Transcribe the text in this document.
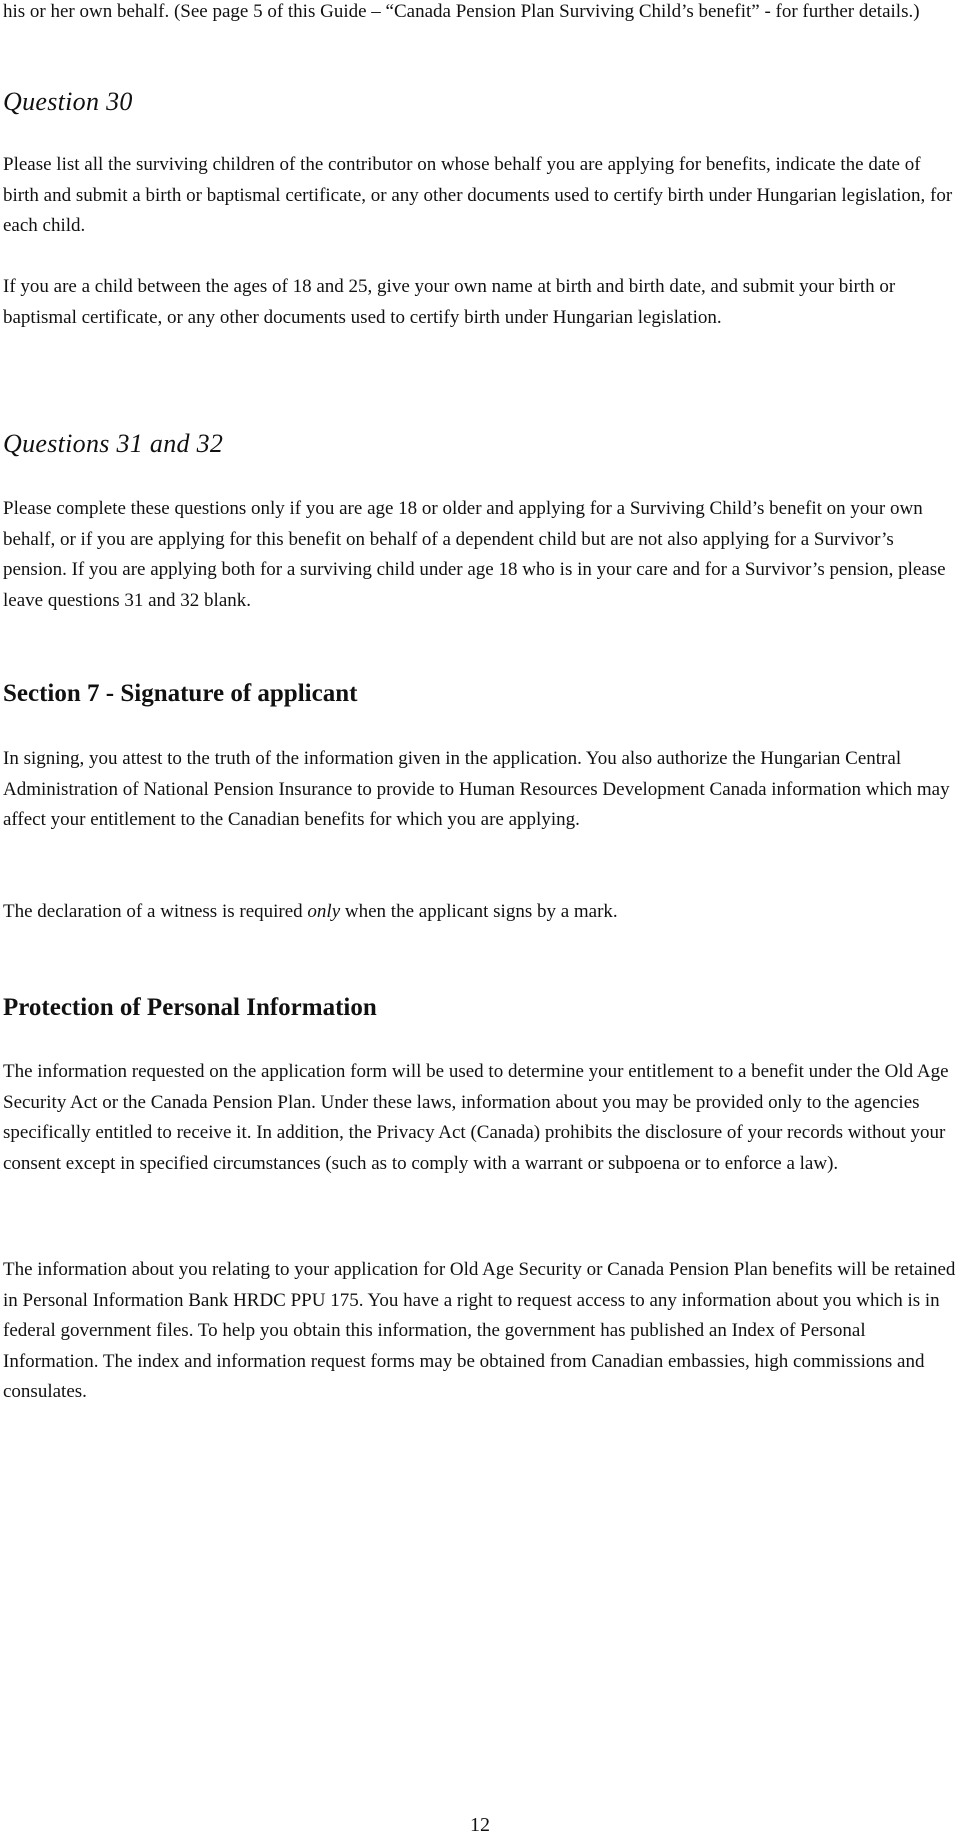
his or her own behalf. (See page 5 of this Guide – “Canada Pension Plan Surviving Child’s benefit” - for further details.)

Question 30

Please list all the surviving children of the contributor on whose behalf you are applying for benefits, indicate the date of birth and submit a birth or baptismal certificate, or any other documents used to certify birth under Hungarian legislation, for each child.

If you are a child between the ages of 18 and 25, give your own name at birth and birth date, and submit your birth or baptismal certificate, or any other documents used to certify birth under Hungarian legislation.

Questions 31 and 32

Please complete these questions only if you are age 18 or older and applying for a Surviving Child’s benefit on your own behalf, or if you are applying for this benefit on behalf of a dependent child but are not also applying for a Survivor’s pension. If you are applying both for a surviving child under age 18 who is in your care and for a Survivor’s pension, please leave questions 31 and 32 blank.

Section 7 - Signature of applicant

In signing, you attest to the truth of the information given in the application. You also authorize the Hungarian Central Administration of National Pension Insurance to provide to Human Resources Development Canada information which may affect your entitlement to the Canadian benefits for which you are applying.

The declaration of a witness is required only when the applicant signs by a mark.

Protection of Personal Information

The information requested on the application form will be used to determine your entitlement to a benefit under the Old Age Security Act or the Canada Pension Plan. Under these laws, information about you may be provided only to the agencies specifically entitled to receive it. In addition, the Privacy Act (Canada) prohibits the disclosure of your records without your consent except in specified circumstances (such as to comply with a warrant or subpoena or to enforce a law).

The information about you relating to your application for Old Age Security or Canada Pension Plan benefits will be retained in Personal Information Bank HRDC PPU 175. You have a right to request access to any information about you which is in federal government files. To help you obtain this information, the government has published an Index of Personal Information. The index and information request forms may be obtained from Canadian embassies, high commissions and consulates.

12
